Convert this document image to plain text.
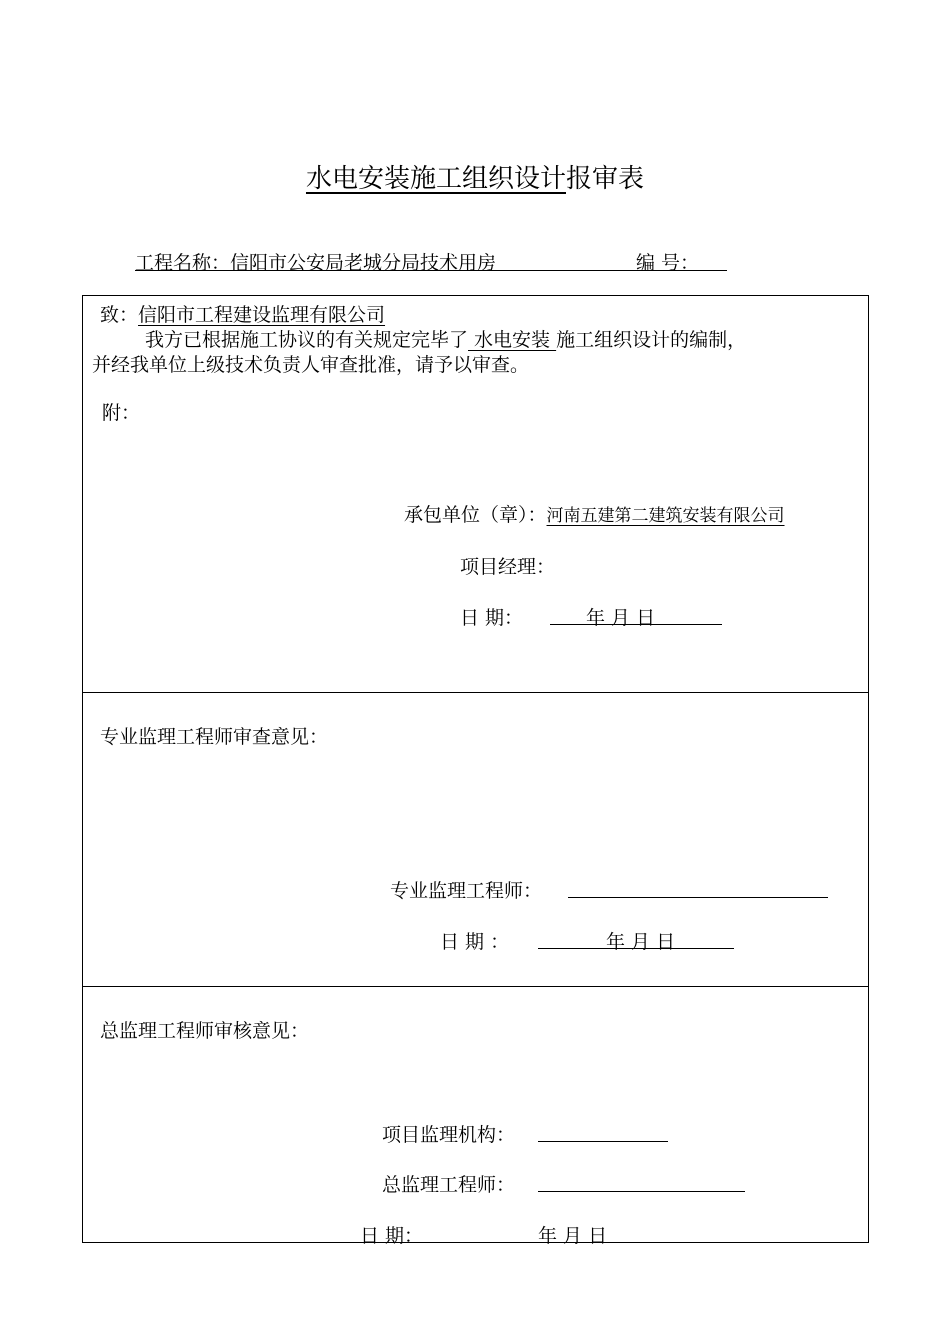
水电安装施工组织设计报审表
工程名称：信阳市公安局老城分局技术用房	编 号：
致：信阳市工程建设监理有限公司
我方已根据施工协议的有关规定完毕了 水电安装 施工组织设计的编制，
并经我单位上级技术负责人审查批准，请予以审查。
附：
承包单位（章）：河南五建第二建筑安装有限公司
项目经理：
日 期：	年 月 日
专业监理工程师审查意见：
专业监理工程师：
日 期 ：	年 月 日
总监理工程师审核意见：
项目监理机构：
总监理工程师：
日 期：	年 月 日
